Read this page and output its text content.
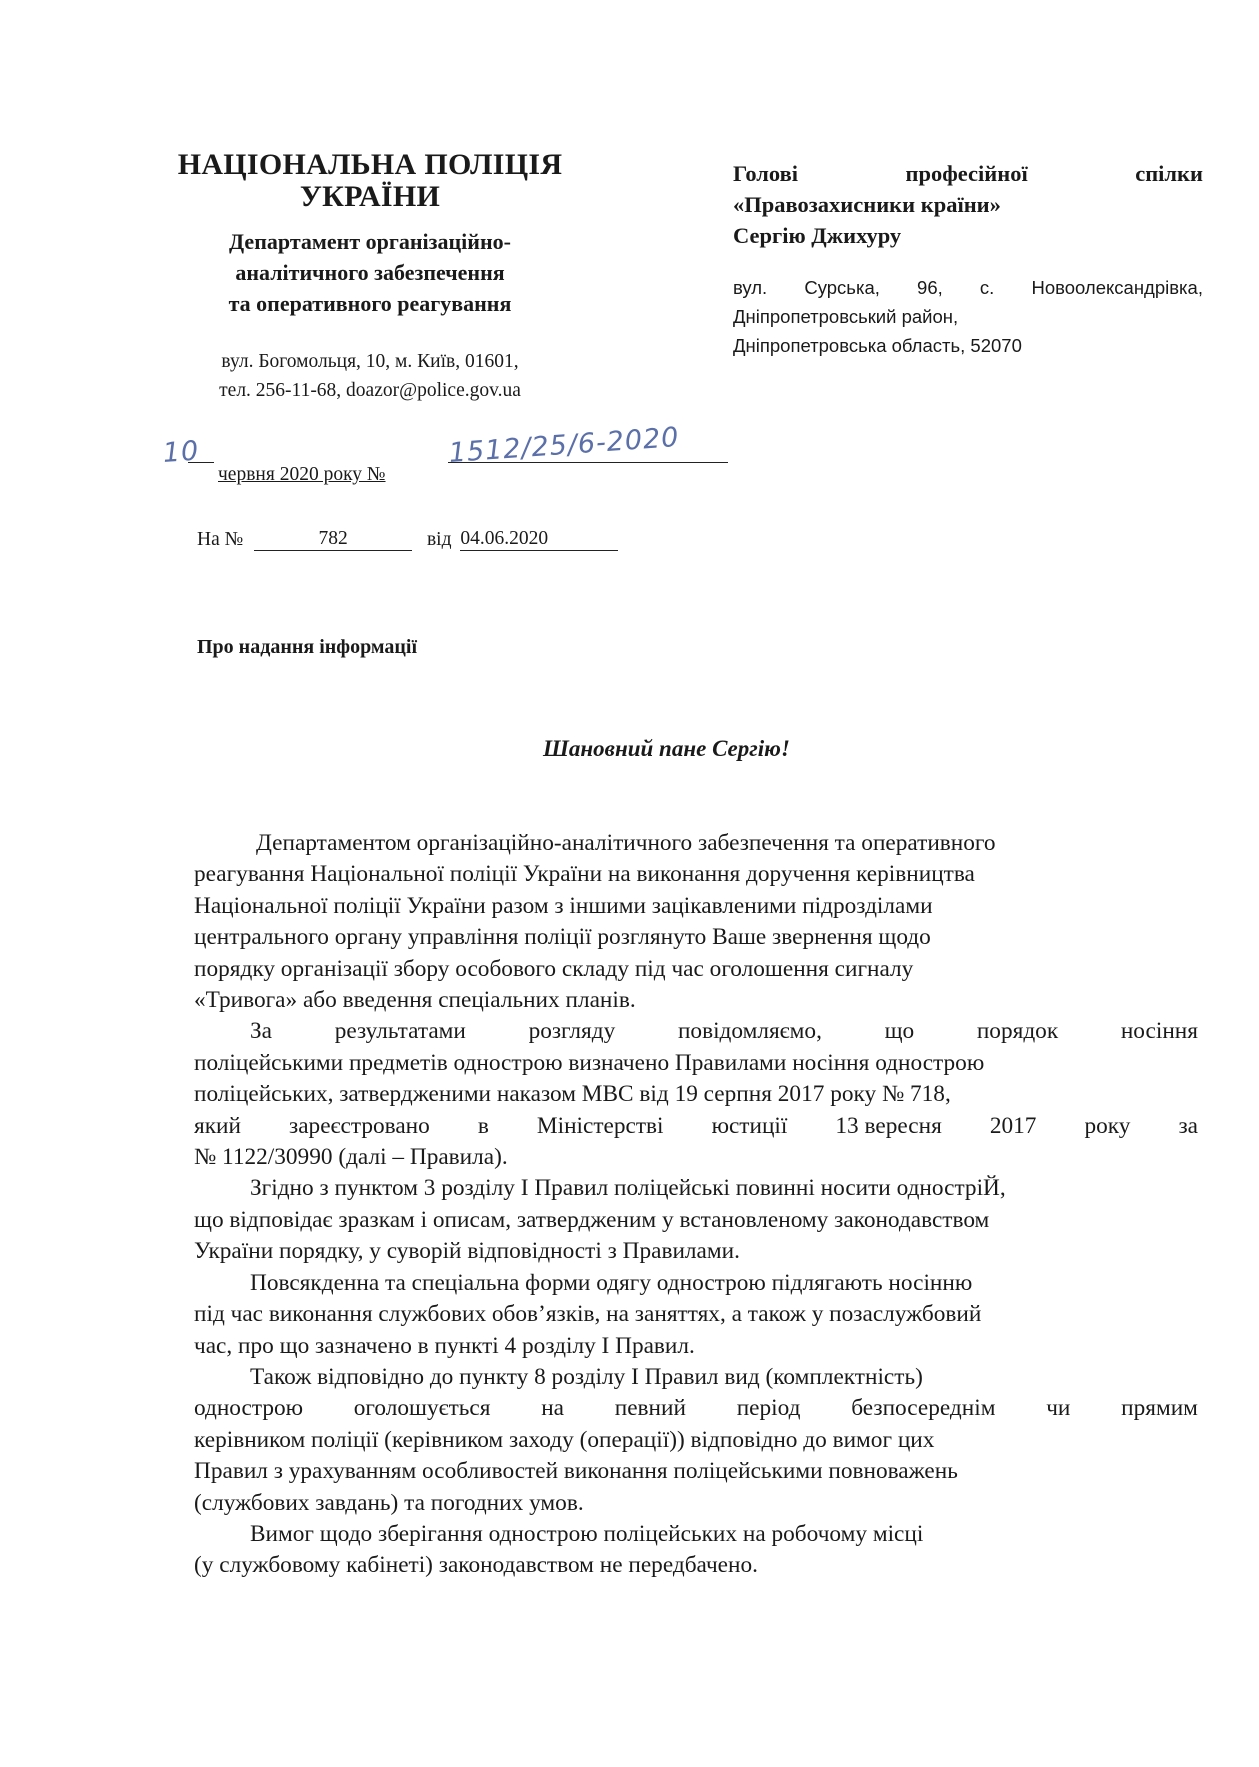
НАЦІОНАЛЬНА ПОЛІЦІЯ
УКРАЇНИ
Департамент організаційно-
аналітичного забезпечення
та оперативного реагування
вул. Богомольця, 10, м. Київ, 01601,
тел. 256-11-68, doazor@police.gov.ua
Голові	професійної	спілки
«Правозахисники країни»
Сергію Джихуру
вул. Сурська, 96, с. Новоолександрівка,
Дніпропетровський район,
Дніпропетровська область, 52070
10
червня 2020 року №
1512/25/6-2020
На №	782	від 04.06.2020
Про надання інформації
Шановний пане Сергію!
Департаментом організаційно-аналітичного забезпечення та оперативного
реагування Національної поліції України на виконання доручення керівництва
Національної поліції України разом з іншими зацікавленими підрозділами
центрального органу управління поліції розглянуто Ваше звернення щодо
порядку організації збору особового складу під час оголошення сигналу
«Тривога» або введення спеціальних планів.
За	результатами	розгляду	повідомляємо,	що	порядок	носіння
поліцейськими предметів однострою визначено Правилами носіння однострою
поліцейських, затвердженими наказом МВС від 19 серпня 2017 року № 718,
який зареєстровано в Міністерстві юстиції 13 вересня 2017 року за
№ 1122/30990 (далі – Правила).
Згідно з пунктом 3 розділу І Правил поліцейські повинні носити одностріЙ,
що відповідає зразкам і описам, затвердженим у встановленому законодавством
України порядку, у суворій відповідності з Правилами.
Повсякденна та спеціальна форми одягу однострою підлягають носінню
під час виконання службових обов’язків, на заняттях, а також у позаслужбовий
час, про що зазначено в пункті 4 розділу І Правил.
Також відповідно до пункту 8 розділу І Правил вид (комплектність)
однострою оголошується на певний період безпосереднім чи прямим
керівником поліції (керівником заходу (операції)) відповідно до вимог цих
Правил з урахуванням особливостей виконання поліцейськими повноважень
(службових завдань) та погодних умов.
Вимог щодо зберігання однострою поліцейських на робочому місці
(у службовому кабінеті) законодавством не передбачено.
